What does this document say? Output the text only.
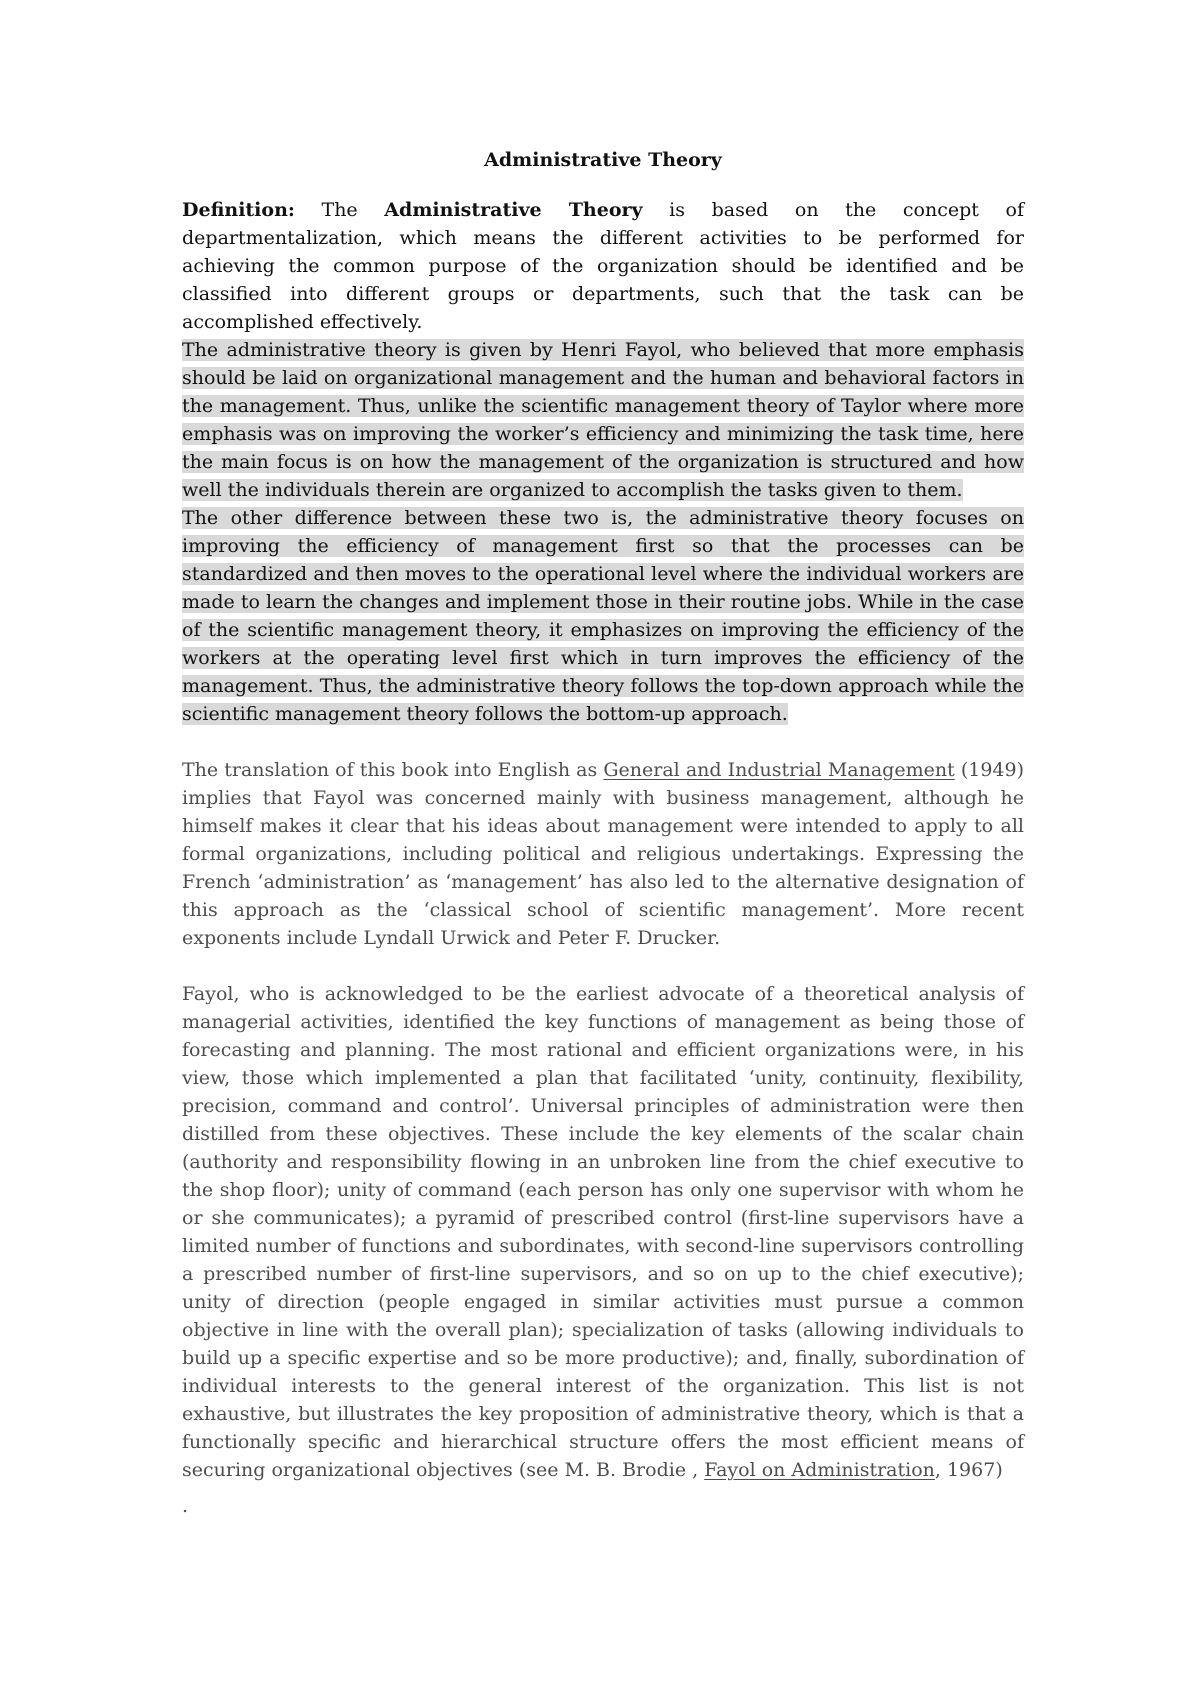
Administrative Theory

Definition: The Administrative Theory is based on the concept of departmentalization, which means the different activities to be performed for achieving the common purpose of the organization should be identified and be classified into different groups or departments, such that the task can be accomplished effectively.

The administrative theory is given by Henri Fayol, who believed that more emphasis should be laid on organizational management and the human and behavioral factors in the management. Thus, unlike the scientific management theory of Taylor where more emphasis was on improving the worker’s efficiency and minimizing the task time, here the main focus is on how the management of the organization is structured and how well the individuals therein are organized to accomplish the tasks given to them.

The other difference between these two is, the administrative theory focuses on improving the efficiency of management first so that the processes can be standardized and then moves to the operational level where the individual workers are made to learn the changes and implement those in their routine jobs. While in the case of the scientific management theory, it emphasizes on improving the efficiency of the workers at the operating level first which in turn improves the efficiency of the management. Thus, the administrative theory follows the top-down approach while the scientific management theory follows the bottom-up approach.

The translation of this book into English as General and Industrial Management (1949) implies that Fayol was concerned mainly with business management, although he himself makes it clear that his ideas about management were intended to apply to all formal organizations, including political and religious undertakings. Expressing the French ‘administration’ as ‘management’ has also led to the alternative designation of this approach as the ‘classical school of scientific management’. More recent exponents include Lyndall Urwick and Peter F. Drucker.

Fayol, who is acknowledged to be the earliest advocate of a theoretical analysis of managerial activities, identified the key functions of management as being those of forecasting and planning. The most rational and efficient organizations were, in his view, those which implemented a plan that facilitated ‘unity, continuity, flexibility, precision, command and control’. Universal principles of administration were then distilled from these objectives. These include the key elements of the scalar chain (authority and responsibility flowing in an unbroken line from the chief executive to the shop floor); unity of command (each person has only one supervisor with whom he or she communicates); a pyramid of prescribed control (first-line supervisors have a limited number of functions and subordinates, with second-line supervisors controlling a prescribed number of first-line supervisors, and so on up to the chief executive); unity of direction (people engaged in similar activities must pursue a common objective in line with the overall plan); specialization of tasks (allowing individuals to build up a specific expertise and so be more productive); and, finally, subordination of individual interests to the general interest of the organization. This list is not exhaustive, but illustrates the key proposition of administrative theory, which is that a functionally specific and hierarchical structure offers the most efficient means of securing organizational objectives (see M. B. Brodie , Fayol on Administration, 1967)

.
